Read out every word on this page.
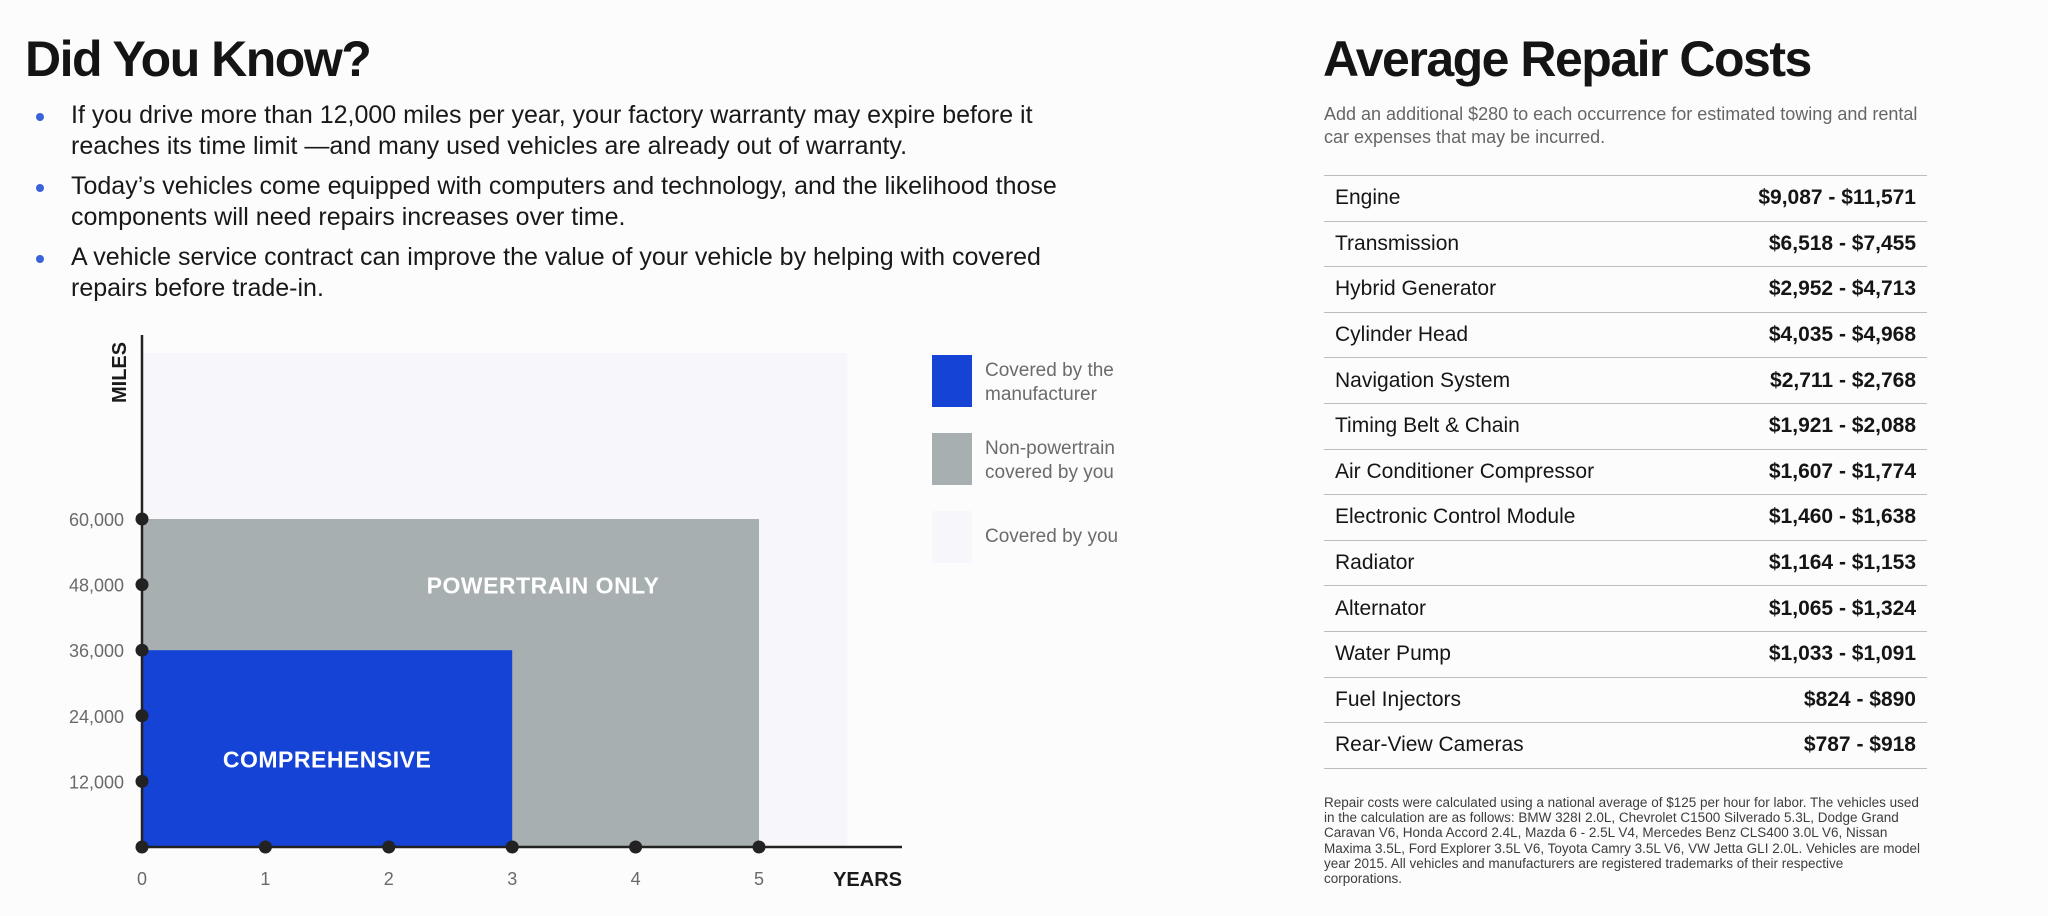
Did You Know?
If you drive more than 12,000 miles per year, your factory warranty may expire before it reaches its time limit —and many used vehicles are already out of warranty.
Today’s vehicles come equipped with computers and technology, and the likelihood those components will need repairs increases over time.
A vehicle service contract can improve the value of your vehicle by helping with covered repairs before trade-in.
POWERTRAIN ONLY
COMPREHENSIVE
MILES
YEARS
12,000
24,000
36,000
48,000
60,000
0	1	2	3	4	5
Covered by the manufacturer
Non-powertrain covered by you
Covered by you
Average Repair Costs
Add an additional $280 to each occurrence for estimated towing and rental car expenses that may be incurred.
Engine	$9,087 - $11,571
Transmission	$6,518 - $7,455
Hybrid Generator	$2,952 - $4,713
Cylinder Head	$4,035 - $4,968
Navigation System	$2,711 - $2,768
Timing Belt & Chain	$1,921 - $2,088
Air Conditioner Compressor	$1,607 - $1,774
Electronic Control Module	$1,460 - $1,638
Radiator	$1,164 - $1,153
Alternator	$1,065 - $1,324
Water Pump	$1,033 - $1,091
Fuel Injectors	$824 - $890
Rear-View Cameras	$787 - $918
Repair costs were calculated using a national average of $125 per hour for labor. The vehicles used in the calculation are as follows: BMW 328I 2.0L, Chevrolet C1500 Silverado 5.3L, Dodge Grand Caravan V6, Honda Accord 2.4L, Mazda 6 - 2.5L V4, Mercedes Benz CLS400 3.0L V6, Nissan Maxima 3.5L, Ford Explorer 3.5L V6, Toyota Camry 3.5L V6, VW Jetta GLI 2.0L. Vehicles are model year 2015. All vehicles and manufacturers are registered trademarks of their respective corporations.
